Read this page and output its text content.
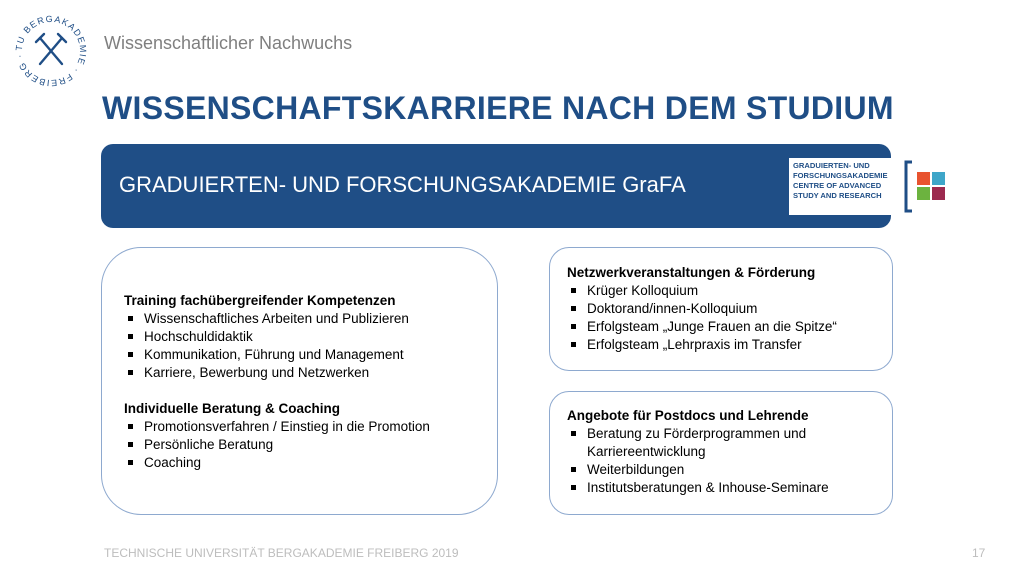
TU BERGAKADEMIE · FREIBERG ·
Wissenschaftlicher Nachwuchs
WISSENSCHAFTSKARRIERE NACH DEM STUDIUM
GRADUIERTEN- UND FORSCHUNGSAKADEMIE GraFA
GRADUIERTEN- UND
FORSCHUNGSAKADEMIE
CENTRE OF ADVANCED
STUDY AND RESEARCH
Training fachübergreifender Kompetenzen
Wissenschaftliches Arbeiten und Publizieren
Hochschuldidaktik
Kommunikation, Führung und Management
Karriere, Bewerbung und Netzwerken
Individuelle Beratung & Coaching
Promotionsverfahren / Einstieg in die Promotion
Persönliche Beratung
Coaching
Netzwerkveranstaltungen & Förderung
Krüger Kolloquium
Doktorand/innen-Kolloquium
Erfolgsteam „Junge Frauen an die Spitze“
Erfolgsteam „Lehrpraxis im Transfer
Angebote für Postdocs und Lehrende
Beratung zu Förderprogrammen und Karriereentwicklung
Weiterbildungen
Institutsberatungen & Inhouse-Seminare
TECHNISCHE UNIVERSITÄT BERGAKADEMIE FREIBERG 2019	17
